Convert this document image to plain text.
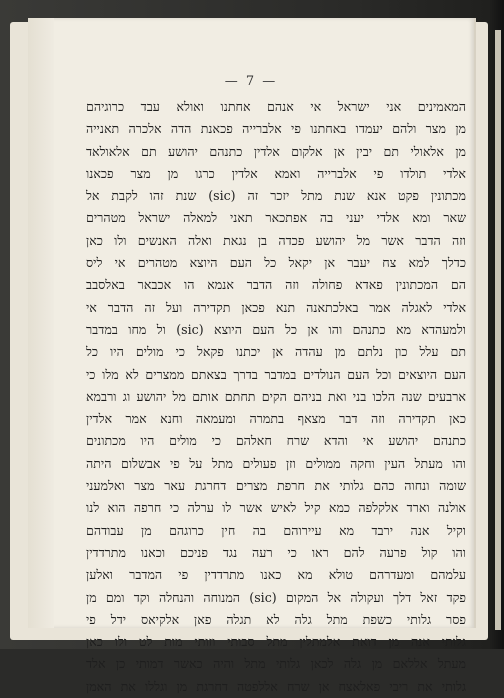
— 7 —
המאמינים אני ישראל אי אנהם אחתנו ואולא עבד כרוגיהם
מן מצר ולהם יעמדו באחתנו פי אלברייה פכאנת הדה אלכרה תאנייה
מן אלאולי תם יבין אן אלקום אלדין כתנהם יהושע תם אלאולאד
אלדי תולדו פי אלברייה ואמא אלדין כרגו מן מצר פכאנו
מכתונין פקט אנא שנת מתל יזכר זה (sic) שנת זהו לקבת אל
שאר ומא אלדי יעני בה אפתכאר תאני למאלה ישראל מטהרים
וזה הדבר אשר מל יהושע פכדה בן נגאת ואלה האנשים ולו כאן
כדלך למא צח יעבר אן יקאל כל העם היוצא מטהרים אי ליס
הם המכתונין פאדא פחולה וזה הדבר אנמא הו אכבאר באלסבב
אלדי לאגלה אמר באלכתאנה תנא פכאן תקדירה ועל זה הדבר אי
ולמעהדא מא כתנהם והו אן כל העם היוצא (sic) ול מחו במדבר
תם עלל כון נלתם מן עהדה אן יכתנו פקאל כי מולים היו כל
העם היוצאים וכל העם הנולדים במדבר בדרך בצאתם ממצרים לא מלו כי
ארבעים שנה הלכו בני ואת בניהם הקים תחתם אותם מל יהושע וג ורבמא
כאן תקדירה וזה דבר מצאף בתמרה ומעמאה וחנא אמר אלדין
כתנהם יהושע אי והדא שרח חאלהם כי מולים היו מכתונים
והו מעתל העין וחקה ממולים וזן פעולים מתל על פי אבשלום היתה
שומה ונחוה כהם גלותי את חרפת מצרים דחרגת עאר מצר ואלמעני
אולנה וארד אלקלפה כמא קיל לאיש אשר לו ערלה כי חרפה הוא לנו
וקיל אנה ירבד מא עיירוהם בה חין כרוגהם מן עבודהם
והו קול פרעה להם ראו כי רעה נגד פניכם וכאנו מתרדדין
עלמהם ומעדרהם טולא מא כאנו מתרדדין פי המדבר ואלען
פקד זאל דלך ועקולה אל המקום (sic) המנוחה והנחלה וקד ומם מן
פסר גלותי כשפת מתל גלה לא תגלה פאן אלקיאס ידל פי
גלותי אנה מן דואת אלמתלין מתל סבותי וזותי מות לט ולו כאן
מעתל אללאם מן גלה לכאן גלותי מתל והיה כאשר דמותי כן אלד
גלותי את ריבי פאלאצח אן שרח אללפטה דחרגת מן וגללו את האמן
